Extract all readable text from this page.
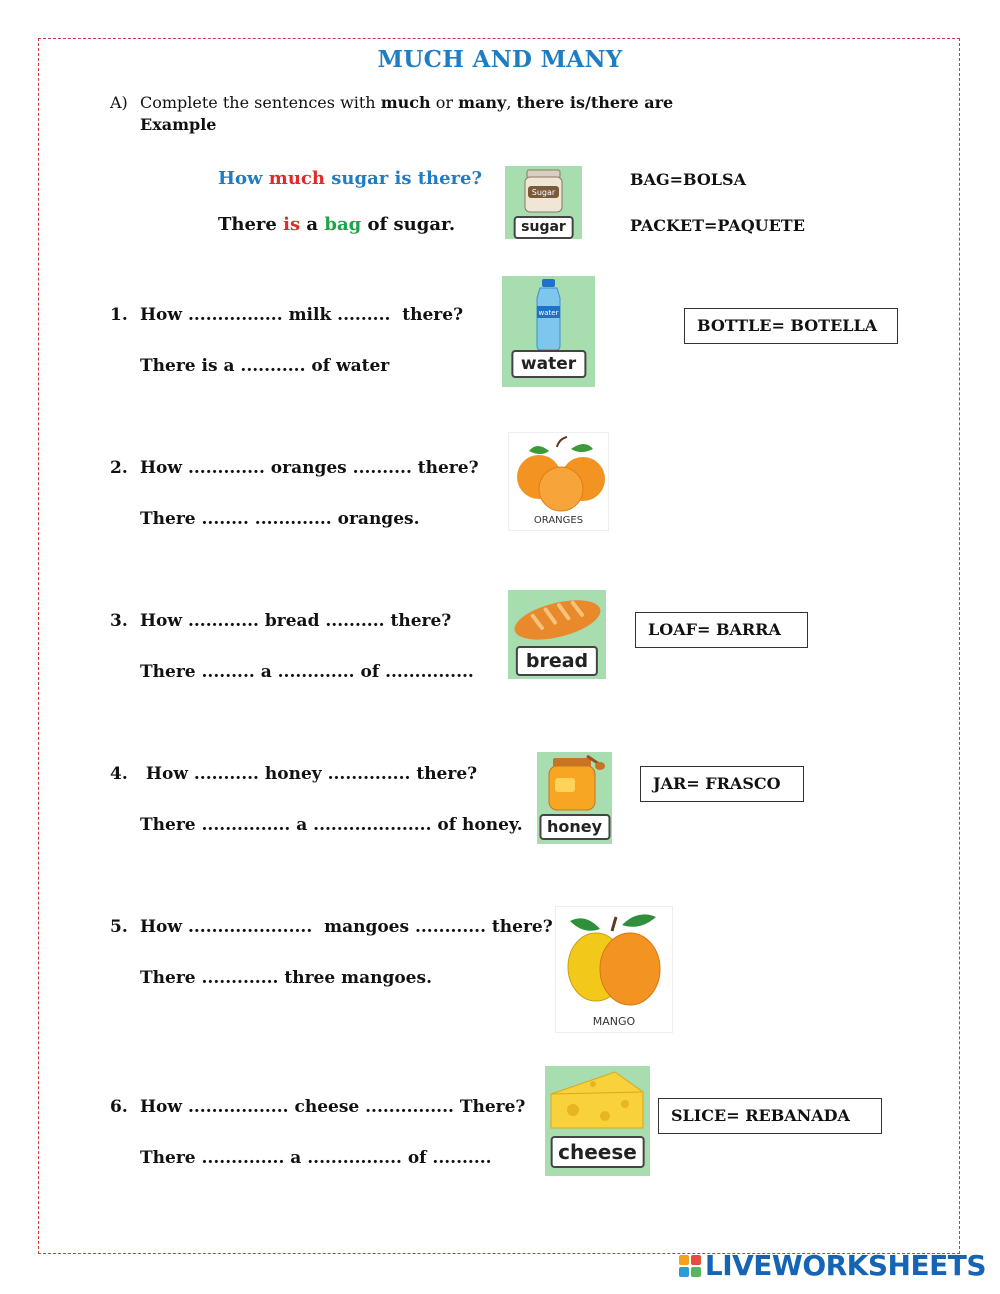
MUCH AND MANY
A) Complete the sentences with much or many, there is/there are
Example
How much sugar is there?
There is a bag of sugar.
Sugar
sugar
BAG=BOLSA
PACKET=PAQUETE
1. How ................ milk .........  there?
There is a ........... of water
water
water
BOTTLE= BOTELLA
2. How ............. oranges .......... there?
There ........ ............. oranges.	ORANGES
3. How ............ bread .......... there?
There ......... a ............. of ...............	bread
LOAF= BARRA
4. How ........... honey .............. there?
There ............... a .................... of honey.	honey
JAR= FRASCO
5. How .....................  mangoes ............ there?
There ............. three mangoes.
MANGO
6. How ................. cheese ............... There?
There .............. a ................ of ..........	cheese
SLICE= REBANADA
LIVEWORKSHEETS
